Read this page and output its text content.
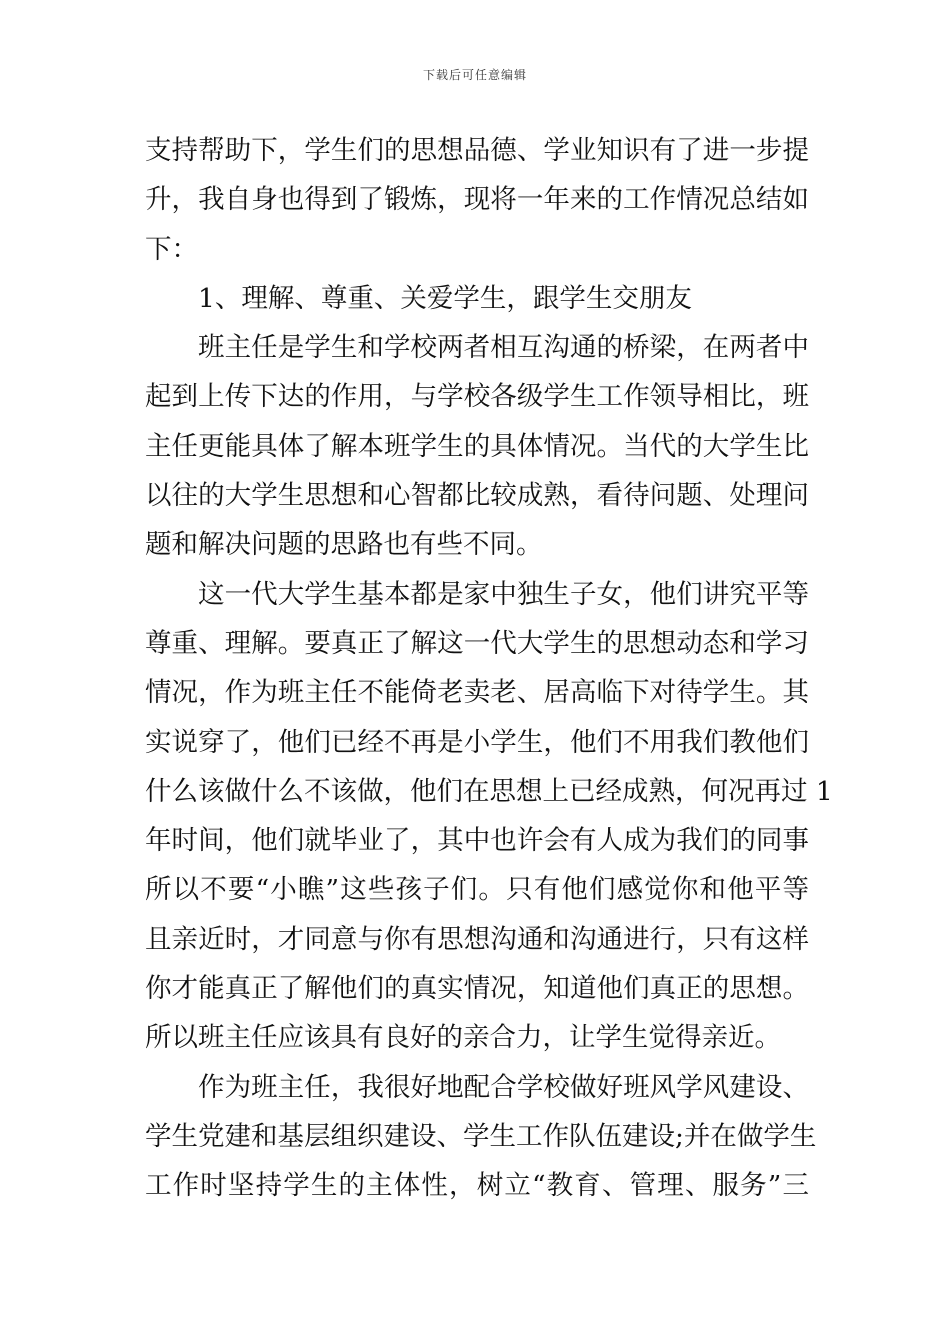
下载后可任意编辑
支持帮助下，学生们的思想品德、学业知识有了进一步提
升，我自身也得到了锻炼，现将一年来的工作情况总结如
下：
1、理解、尊重、关爱学生，跟学生交朋友
班主任是学生和学校两者相互沟通的桥梁，在两者中
起到上传下达的作用，与学校各级学生工作领导相比，班
主任更能具体了解本班学生的具体情况。当代的大学生比
以往的大学生思想和心智都比较成熟，看待问题、处理问
题和解决问题的思路也有些不同。
这一代大学生基本都是家中独生子女，他们讲究平等
尊重、理解。要真正了解这一代大学生的思想动态和学习
情况，作为班主任不能倚老卖老、居高临下对待学生。其
实说穿了，他们已经不再是小学生，他们不用我们教他们
什么该做什么不该做，他们在思想上已经成熟，何况再过 1
年时间，他们就毕业了，其中也许会有人成为我们的同事
所以不要“小瞧”这些孩子们。只有他们感觉你和他平等
且亲近时，才同意与你有思想沟通和沟通进行，只有这样
你才能真正了解他们的真实情况，知道他们真正的思想。
所以班主任应该具有良好的亲合力，让学生觉得亲近。
作为班主任，我很好地配合学校做好班风学风建设、
学生党建和基层组织建设、学生工作队伍建设;并在做学生
工作时坚持学生的主体性，树立“教育、管理、服务”三
